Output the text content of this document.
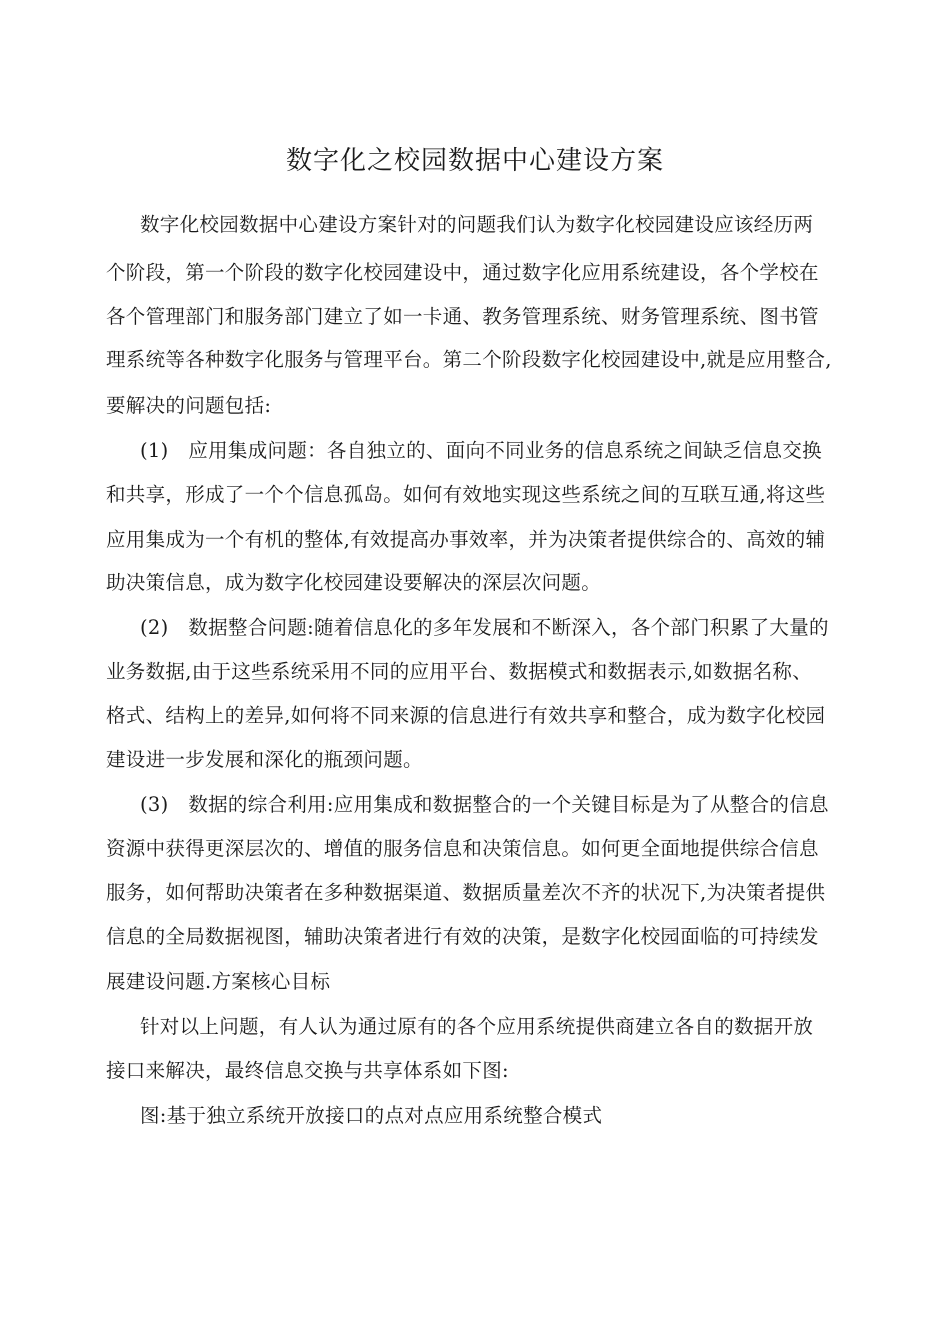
数字化之校园数据中心建设方案
数字化校园数据中心建设方案针对的问题我们认为数字化校园建设应该经历两
个阶段，第一个阶段的数字化校园建设中，通过数字化应用系统建设，各个学校在
各个管理部门和服务部门建立了如一卡通、教务管理系统、财务管理系统、图书管
理系统等各种数字化服务与管理平台。第二个阶段数字化校园建设中,就是应用整合,
要解决的问题包括:
(1)　应用集成问题：各自独立的、面向不同业务的信息系统之间缺乏信息交换
和共享，形成了一个个信息孤岛。如何有效地实现这些系统之间的互联互通,将这些
应用集成为一个有机的整体,有效提高办事效率，并为决策者提供综合的、高效的辅
助决策信息，成为数字化校园建设要解决的深层次问题。
(2)　数据整合问题:随着信息化的多年发展和不断深入，各个部门积累了大量的
业务数据,由于这些系统采用不同的应用平台、数据模式和数据表示,如数据名称、
格式、结构上的差异,如何将不同来源的信息进行有效共享和整合，成为数字化校园
建设进一步发展和深化的瓶颈问题。
(3)　数据的综合利用:应用集成和数据整合的一个关键目标是为了从整合的信息
资源中获得更深层次的、增值的服务信息和决策信息。如何更全面地提供综合信息
服务，如何帮助决策者在多种数据渠道、数据质量差次不齐的状况下,为决策者提供
信息的全局数据视图，辅助决策者进行有效的决策，是数字化校园面临的可持续发
展建设问题.方案核心目标
针对以上问题，有人认为通过原有的各个应用系统提供商建立各自的数据开放
接口来解决，最终信息交换与共享体系如下图:
图:基于独立系统开放接口的点对点应用系统整合模式
